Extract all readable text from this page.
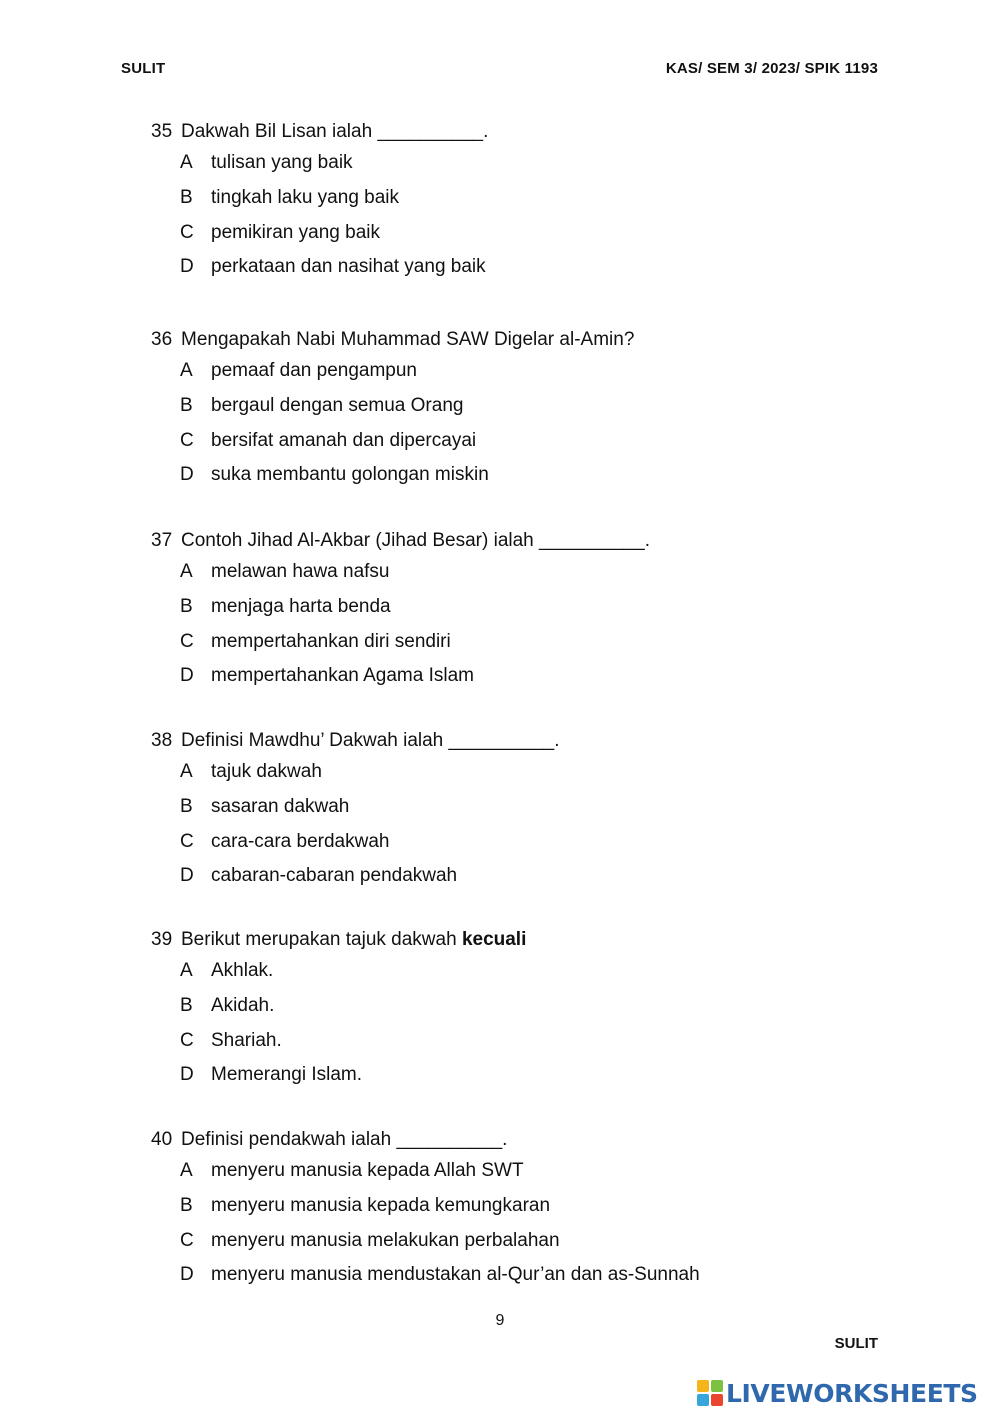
SULIT	KAS/ SEM 3/ 2023/ SPIK 1193
35 Dakwah Bil Lisan ialah __________.
A tulisan yang baik
B tingkah laku yang baik
C pemikiran yang baik
D perkataan dan nasihat yang baik
36 Mengapakah Nabi Muhammad SAW Digelar al-Amin?
A pemaaf dan pengampun
B bergaul dengan semua Orang
C bersifat amanah dan dipercayai
D suka membantu golongan miskin
37 Contoh Jihad Al-Akbar (Jihad Besar) ialah __________.
A melawan hawa nafsu
B menjaga harta benda
C mempertahankan diri sendiri
D mempertahankan Agama Islam
38 Definisi Mawdhu’ Dakwah ialah __________.
A tajuk dakwah
B sasaran dakwah
C cara-cara berdakwah
D cabaran-cabaran pendakwah
39 Berikut merupakan tajuk dakwah kecuali
A Akhlak.
B Akidah.
C Shariah.
D Memerangi Islam.
40 Definisi pendakwah ialah __________.
A menyeru manusia kepada Allah SWT
B menyeru manusia kepada kemungkaran
C menyeru manusia melakukan perbalahan
D menyeru manusia mendustakan al-Qur’an dan as-Sunnah
9
SULIT
LIVEWORKSHEETS
